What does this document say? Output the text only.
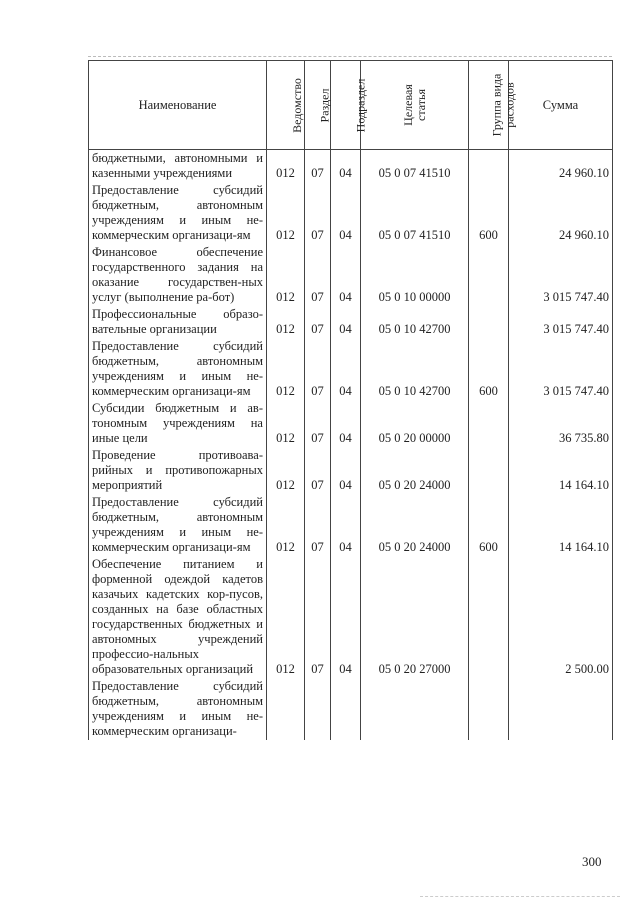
Наименование	Ведомство	Раздел	Подраздел	Целевая
статья	Группа вида
расходов	Сумма
бюджетными, автономными и казенными учреждениями	012	07	04	05 0 07 41510		24 960.10
Предоставление субсидий бюджетным, автономным учреждениям и иным не-коммерческим организаци-ям	012	07	04	05 0 07 41510	600	24 960.10
Финансовое обеспечение государственного задания на оказание государствен-ных услуг (выполнение ра-бот)	012	07	04	05 0 10 00000		3 015 747.40
Профессиональные образо-вательные организации	012	07	04	05 0 10 42700		3 015 747.40
Предоставление субсидий бюджетным, автономным учреждениям и иным не-коммерческим организаци-ям	012	07	04	05 0 10 42700	600	3 015 747.40
Субсидии бюджетным и ав-тономным учреждениям на иные цели	012	07	04	05 0 20 00000		36 735.80
Проведение противоава-рийных и противопожарных мероприятий	012	07	04	05 0 20 24000		14 164.10
Предоставление субсидий бюджетным, автономным учреждениям и иным не-коммерческим организаци-ям	012	07	04	05 0 20 24000	600	14 164.10
Обеспечение питанием и форменной одеждой кадетов казачьих кадетских кор-пусов, созданных на базе областных государственных бюджетных и автономных учреждений профессио-нальных образовательных организаций	012	07	04	05 0 20 27000		2 500.00
Предоставление субсидий бюджетным, автономным учреждениям и иным не-коммерческим организаци-						
300
